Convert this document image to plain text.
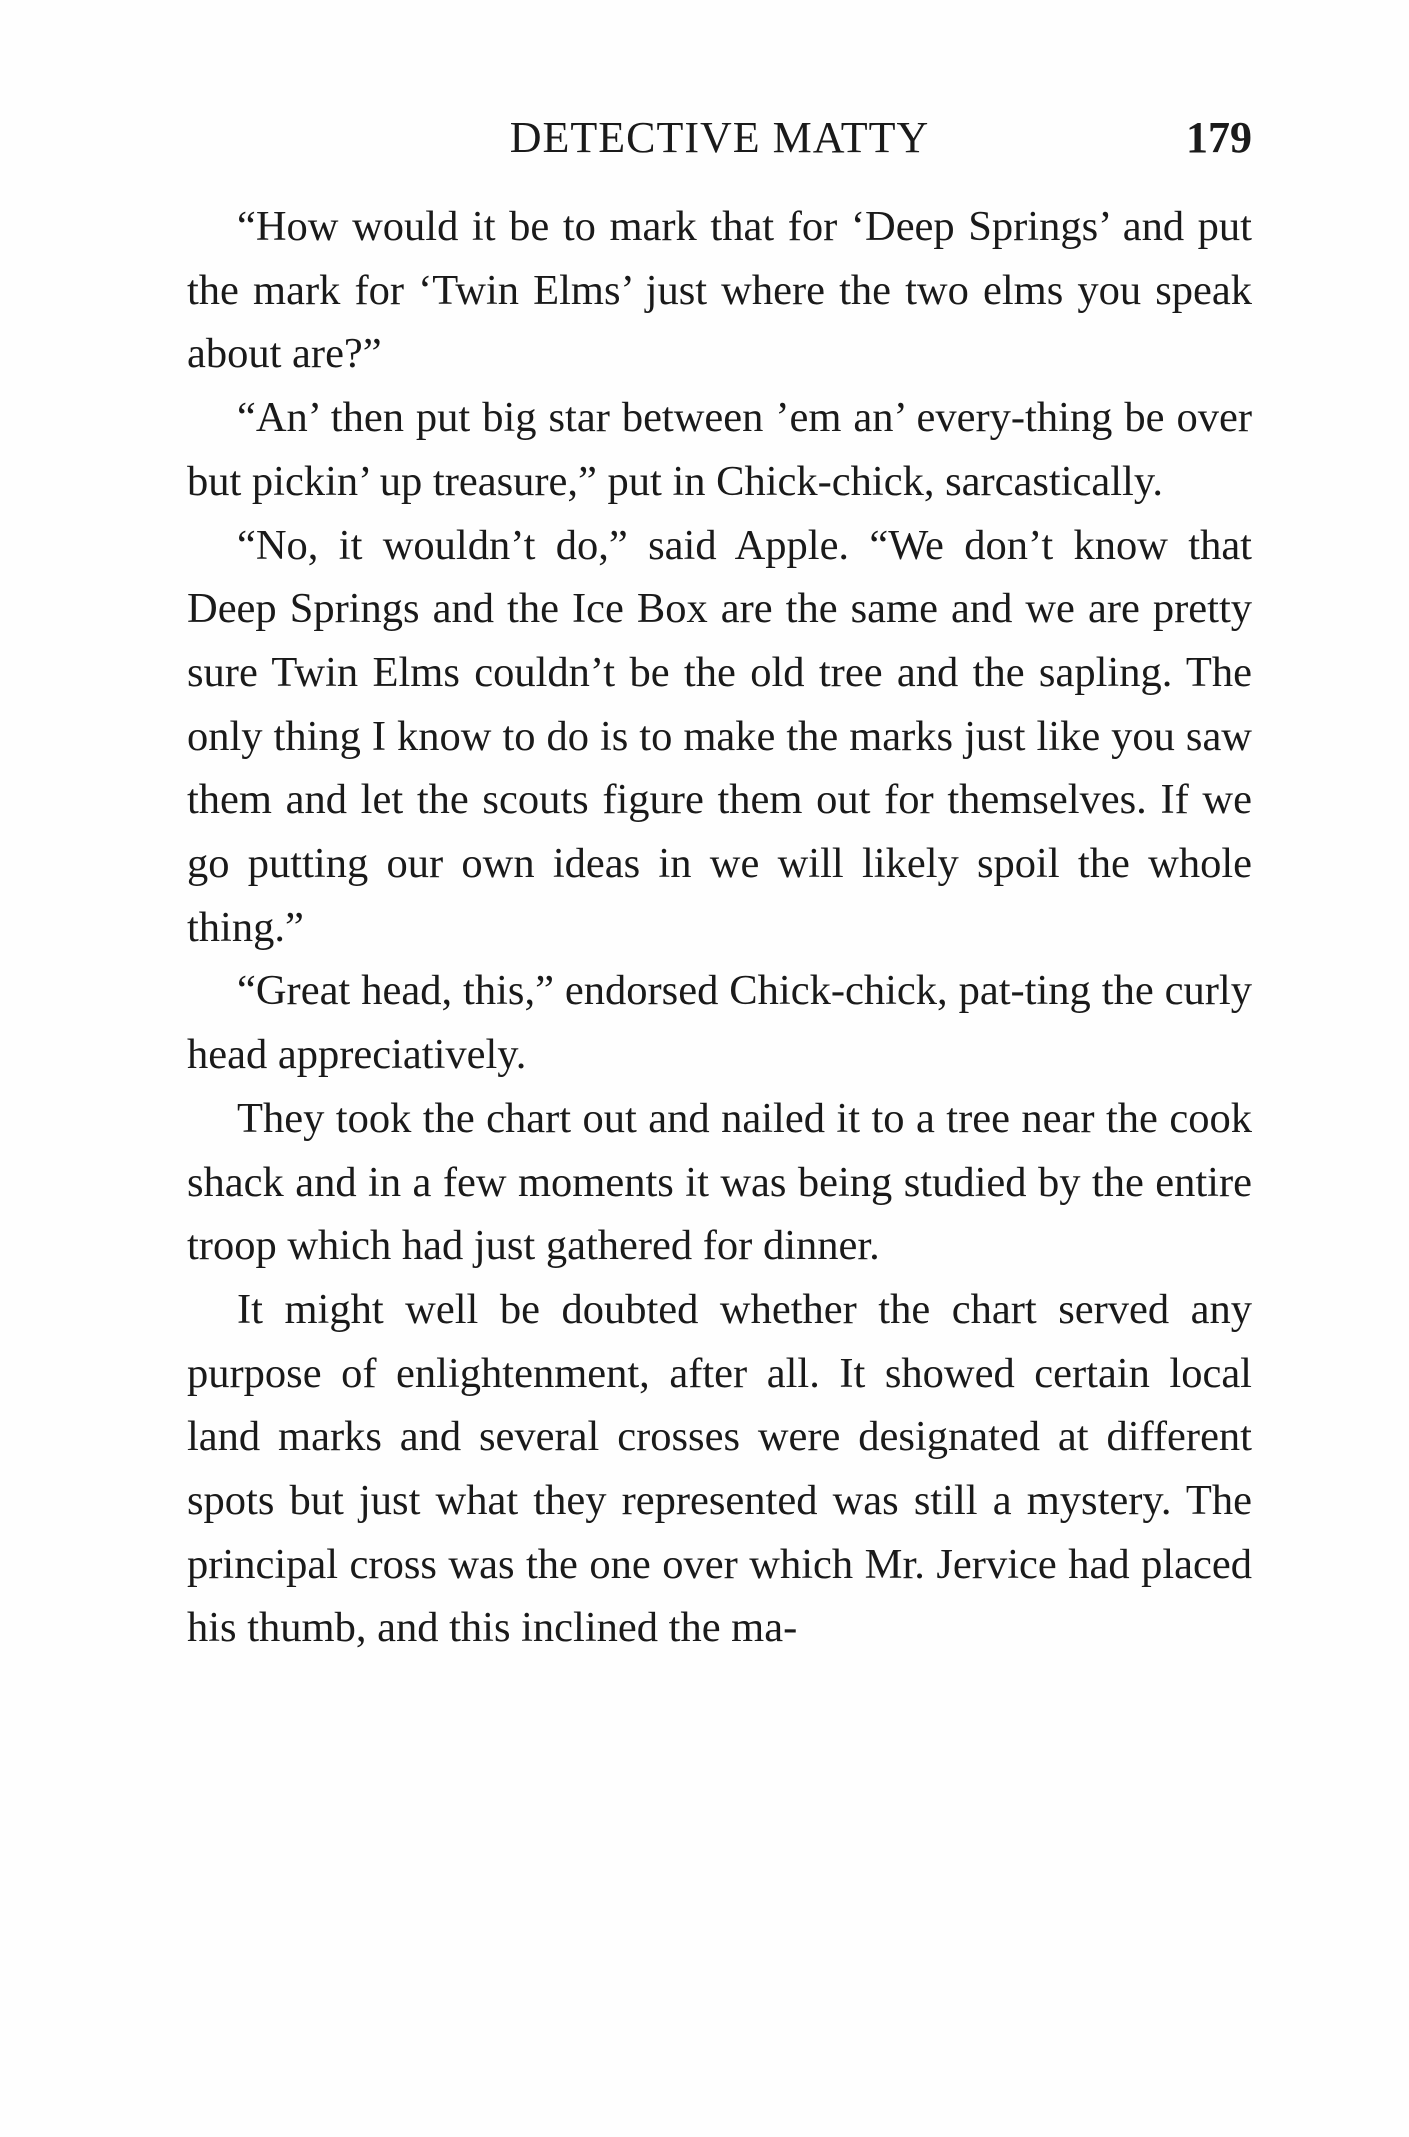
DETECTIVE MATTY	179

“How would it be to mark that for ‘Deep Springs’ and put the mark for ‘Twin Elms’ just where the two elms you speak about are?”

“An’ then put big star between ’em an’ every-thing be over but pickin’ up treasure,” put in Chick-chick, sarcastically.

“No, it wouldn’t do,” said Apple. “We don’t know that Deep Springs and the Ice Box are the same and we are pretty sure Twin Elms couldn’t be the old tree and the sapling. The only thing I know to do is to make the marks just like you saw them and let the scouts figure them out for themselves. If we go putting our own ideas in we will likely spoil the whole thing.”

“Great head, this,” endorsed Chick-chick, pat-ting the curly head appreciatively.

They took the chart out and nailed it to a tree near the cook shack and in a few moments it was being studied by the entire troop which had just gathered for dinner.

It might well be doubted whether the chart served any purpose of enlightenment, after all. It showed certain local land marks and several crosses were designated at different spots but just what they represented was still a mystery. The principal cross was the one over which Mr. Jervice had placed his thumb, and this inclined the ma-
